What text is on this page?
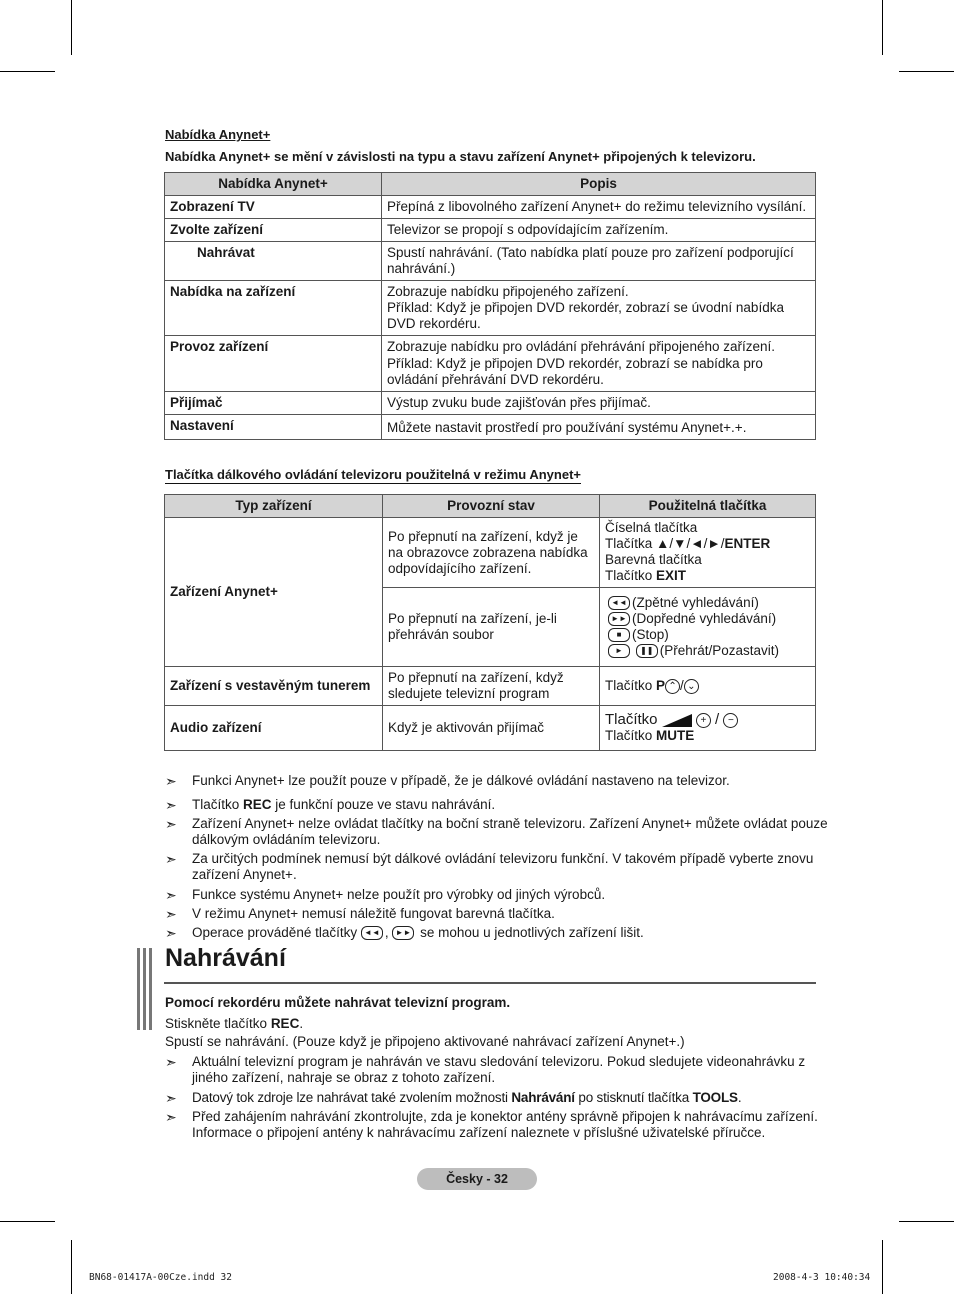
Nabídka Anynet+
Nabídka Anynet+ se mění v závislosti na typu a stavu zařízení Anynet+ připojených k televizoru.
Nabídka Anynet+	Popis
Zobrazení TV	Přepíná z libovolného zařízení Anynet+ do režimu televizního vysílání.
Zvolte zařízení	Televizor se propojí s odpovídajícím zařízením.
Nahrávat	Spustí nahrávání. (Tato nabídka platí pouze pro zařízení podporující nahrávání.)
Nabídka na zařízení	Zobrazuje nabídku připojeného zařízení.
Příklad: Když je připojen DVD rekordér, zobrazí se úvodní nabídka DVD rekordéru.

Provoz zařízení	Zobrazuje nabídku pro ovládání přehrávání připojeného zařízení.
Příklad: Když je připojen DVD rekordér, zobrazí se nabídka pro ovládání přehrávání DVD rekordéru.

Přijímač	Výstup zvuku bude zajišťován přes přijímač.
Nastavení	Můžete nastavit prostředí pro používání systému Anynet+.+.
Tlačítka dálkového ovládání televizoru použitelná v režimu Anynet+
Typ zařízení	Provozní stav	Použitelná tlačítka
Zařízení Anynet+	Po přepnutí na zařízení, když je na obrazovce zobrazena nabídka odpovídajícího zařízení.	Číselná tlačítka
Tlačítka ▲/▼/◄/►/ENTER
Barevná tlačítka
Tlačítko EXIT

	Po přepnutí na zařízení, je-li přehráván soubor	◄◄ (Zpětné vyhledávání)
►► (Dopředné vyhledávání)
■ (Stop)
► ❚❚ (Přehrát/Pozastavit)

Zařízení s vestavěným tunerem	Po přepnutí na zařízení, když sledujete televizní program	Tlačítko P ⌃ / ⌄
Audio zařízení	Když je aktivován přijímač	Tlačítko + / −
Tlačítko MUTE
➣ Funkci Anynet+ lze použít pouze v případě, že je dálkové ovládání nastaveno na televizor.
➣ Tlačítko REC je funkční pouze ve stavu nahrávání.
➣ Zařízení Anynet+ nelze ovládat tlačítky na boční straně televizoru. Zařízení Anynet+ můžete ovládat pouze dálkovým ovládáním televizoru.
➣ Za určitých podmínek nemusí být dálkové ovládání televizoru funkční. V takovém případě vyberte znovu zařízení Anynet+.
➣ Funkce systému Anynet+ nelze použít pro výrobky od jiných výrobců.
➣ V režimu Anynet+ nemusí náležitě fungovat barevná tlačítka.
➣ Operace prováděné tlačítky ◄◄ , ►► se mohou u jednotlivých zařízení lišit.
Nahrávání
Pomocí rekordéru můžete nahrávat televizní program.
Stiskněte tlačítko REC.
Spustí se nahrávání. (Pouze když je připojeno aktivované nahrávací zařízení Anynet+.)
➣ Aktuální televizní program je nahráván ve stavu sledování televizoru. Pokud sledujete videonahrávku z jiného zařízení, nahraje se obraz z tohoto zařízení.
➣ Datový tok zdroje lze nahrávat také zvolením možnosti Nahrávání po stisknutí tlačítka TOOLS.
➣ Před zahájením nahrávání zkontrolujte, zda je konektor antény správně připojen k nahrávacímu zařízení.
Informace o připojení antény k nahrávacímu zařízení naleznete v příslušné uživatelské příručce.
Česky - 32
BN68-01417A-00Cze.indd 32	2008-4-3 10:40:34
